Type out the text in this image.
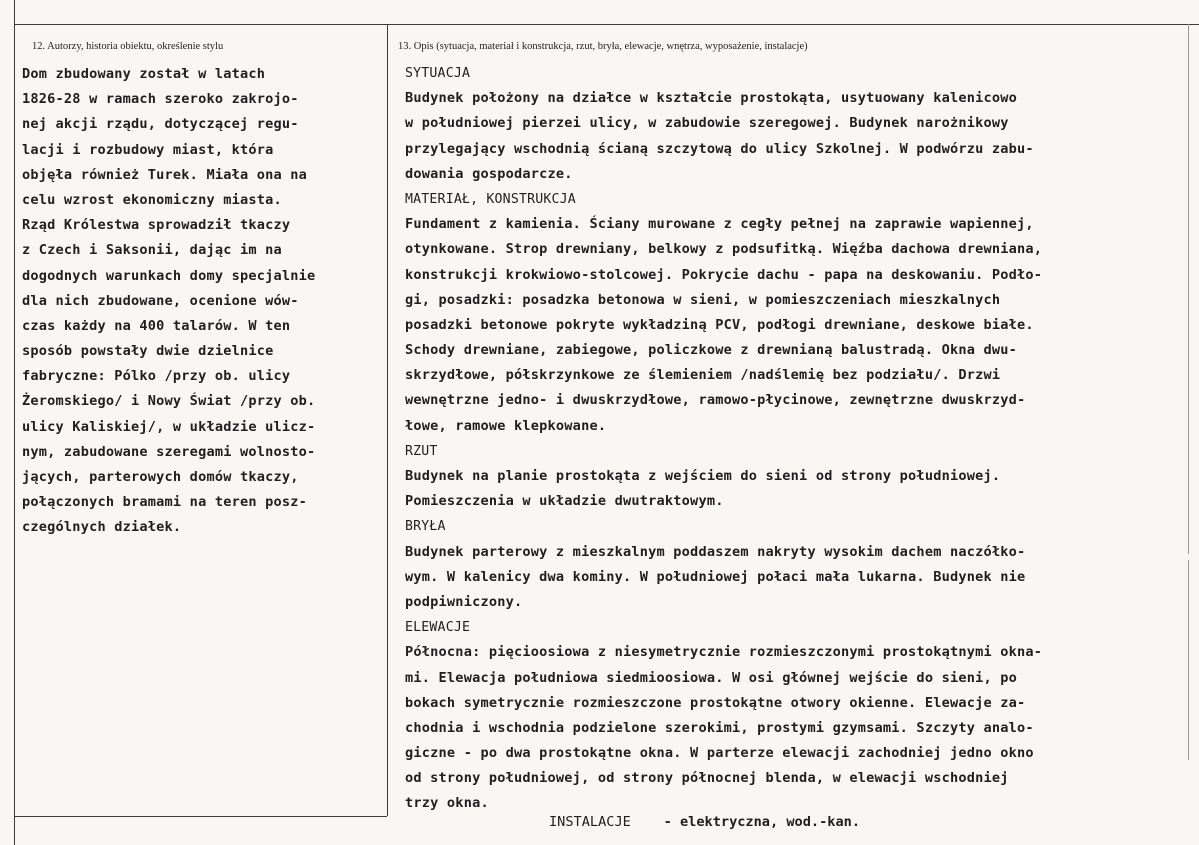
12. Autorzy, historia obiektu, określenie stylu	13. Opis (sytuacja, materiał i konstrukcja, rzut, bryła, elewacje, wnętrza, wyposażenie, instalacje)
Dom zbudowany został w latach
1826-28 w ramach szeroko zakrojo-
nej akcji rządu, dotyczącej regu-
lacji i rozbudowy miast, która
objęła również Turek. Miała ona na
celu wzrost ekonomiczny miasta.
Rząd Królestwa sprowadził tkaczy
z Czech i Saksonii, dając im na
dogodnych warunkach domy specjalnie
dla nich zbudowane, ocenione wów-
czas każdy na 400 talarów. W ten
sposób powstały dwie dzielnice
fabryczne: Pólko /przy ob. ulicy
Żeromskiego/ i Nowy Świat /przy ob.
ulicy Kaliskiej/, w układzie ulicz-
nym, zabudowane szeregami wolnosto-
jących, parterowych domów tkaczy,
połączonych bramami na teren posz-
czególnych działek.
SYTUACJA
Budynek położony na działce w kształcie prostokąta, usytuowany kalenicowo
w południowej pierzei ulicy, w zabudowie szeregowej. Budynek narożnikowy
przylegający wschodnią ścianą szczytową do ulicy Szkolnej. W podwórzu zabu-
dowania gospodarcze.
MATERIAŁ, KONSTRUKCJA
Fundament z kamienia. Ściany murowane z cegły pełnej na zaprawie wapiennej,
otynkowane. Strop drewniany, belkowy z podsufitką. Więźba dachowa drewniana,
konstrukcji krokwiowo-stolcowej. Pokrycie dachu - papa na deskowaniu. Podło-
gi, posadzki: posadzka betonowa w sieni, w pomieszczeniach mieszkalnych
posadzki betonowe pokryte wykładziną PCV, podłogi drewniane, deskowe białe.
Schody drewniane, zabiegowe, policzkowe z drewnianą balustradą. Okna dwu-
skrzydłowe, półskrzynkowe ze ślemieniem /nadślemię bez podziału/. Drzwi
wewnętrzne jedno- i dwuskrzydłowe, ramowo-płycinowe, zewnętrzne dwuskrzyd-
łowe, ramowe klepkowane.
RZUT
Budynek na planie prostokąta z wejściem do sieni od strony południowej.
Pomieszczenia w układzie dwutraktowym.
BRYŁA
Budynek parterowy z mieszkalnym poddaszem nakryty wysokim dachem naczółko-
wym. W kalenicy dwa kominy. W południowej połaci mała lukarna. Budynek nie
podpiwniczony.
ELEWACJE
Północna: pięcioosiowa z niesymetrycznie rozmieszczonymi prostokątnymi okna-
mi. Elewacja południowa siedmioosiowa. W osi głównej wejście do sieni, po
bokach symetrycznie rozmieszczone prostokątne otwory okienne. Elewacje za-
chodnia i wschodnia podzielone szerokimi, prostymi gzymsami. Szczyty analo-
giczne - po dwa prostokątne okna. W parterze elewacji zachodniej jedno okno
od strony południowej, od strony północnej blenda, w elewacji wschodniej
trzy okna.
INSTALACJE - elektryczna, wod.-kan.
